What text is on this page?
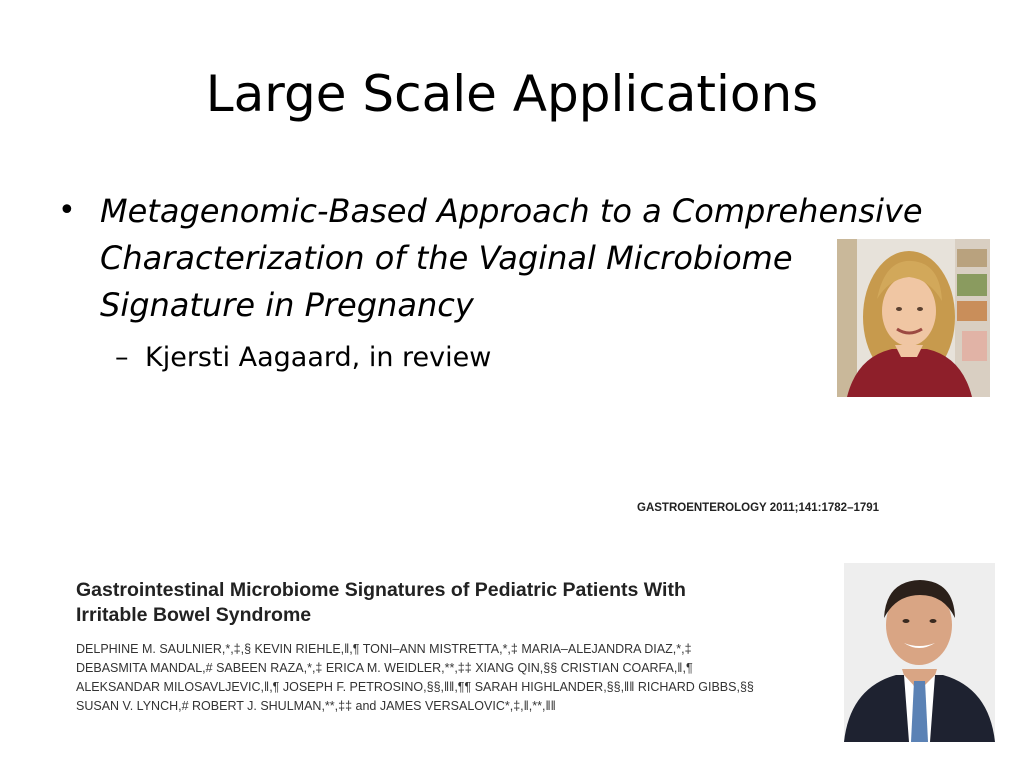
Large Scale Applications
• Metagenomic-Based Approach to a Comprehensive
Characterization of the Vaginal Microbiome
Signature in Pregnancy
– Kjersti Aagaard, in review
GASTROENTEROLOGY 2011;141:1782–1791
Gastrointestinal Microbiome Signatures of Pediatric Patients With
Irritable Bowel Syndrome
DELPHINE M. SAULNIER,*,‡,§ KEVIN RIEHLE,‖,¶ TONI–ANN MISTRETTA,*,‡ MARIA–ALEJANDRA DIAZ,*,‡
DEBASMITA MANDAL,# SABEEN RAZA,*,‡ ERICA M. WEIDLER,**,‡‡ XIANG QIN,§§ CRISTIAN COARFA,‖,¶
ALEKSANDAR MILOSAVLJEVIC,‖,¶ JOSEPH F. PETROSINO,§§,‖‖,¶¶ SARAH HIGHLANDER,§§,‖‖ RICHARD GIBBS,§§
SUSAN V. LYNCH,# ROBERT J. SHULMAN,**,‡‡ and JAMES VERSALOVIC*,‡,‖,**,‖‖
